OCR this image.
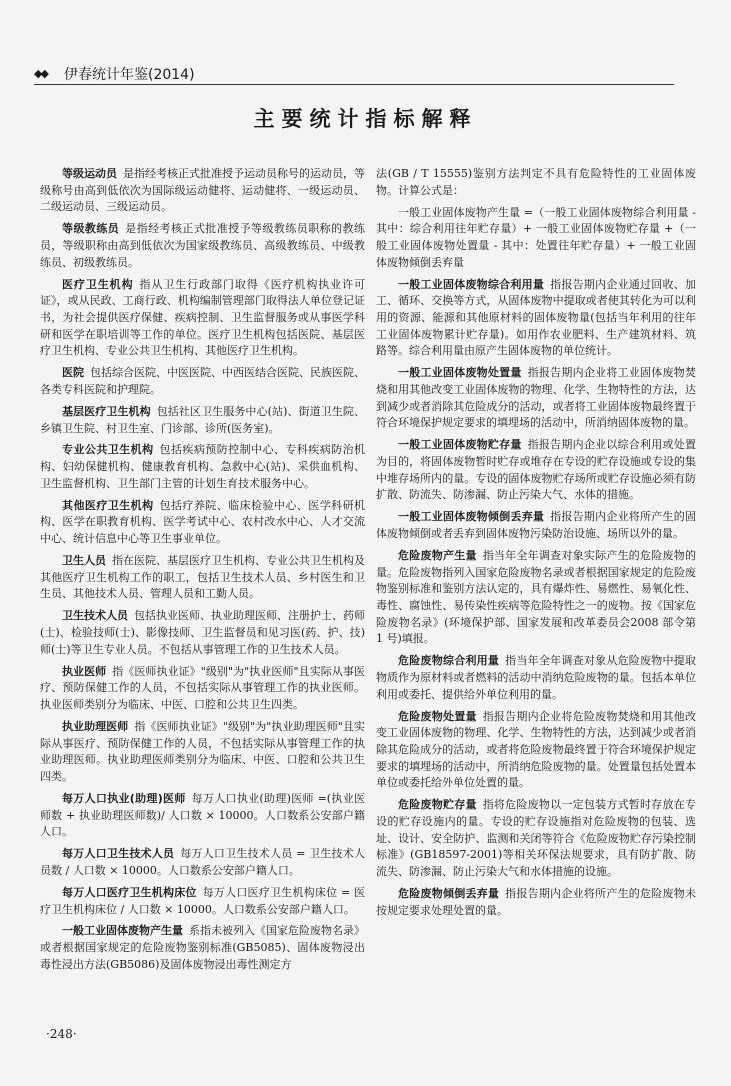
◆◆ 伊春统计年鉴(2014)
主要统计指标解释

等级运动员 是指经考核正式批准授予运动员称号的运动员，等级称号由高到低依次为国际级运动健将、运动健将、一级运动员、二级运动员、三级运动员。

等级教练员 是指经考核正式批准授予等级教练员职称的教练员，等级职称由高到低依次为国家级教练员、高级教练员、中级教练员、初级教练员。

医疗卫生机构 指从卫生行政部门取得《医疗机构执业许可证》，或从民政、工商行政、机构编制管理部门取得法人单位登记证书，为社会提供医疗保健、疾病控制、卫生监督服务或从事医学科研和医学在职培训等工作的单位。医疗卫生机构包括医院、基层医疗卫生机构、专业公共卫生机构、其他医疗卫生机构。

医院 包括综合医院、中医医院、中西医结合医院、民族医院、各类专科医院和护理院。

基层医疗卫生机构 包括社区卫生服务中心(站)、街道卫生院、乡镇卫生院、村卫生室、门诊部、诊所(医务室)。

专业公共卫生机构 包括疾病预防控制中心、专科疾病防治机构、妇幼保健机构、健康教育机构、急救中心(站)、采供血机构、卫生监督机构、卫生部门主管的计划生育技术服务中心。

其他医疗卫生机构 包括疗养院、临床检验中心、医学科研机构、医学在职教育机构、医学考试中心、农村改水中心、人才交流中心、统计信息中心等卫生事业单位。

卫生人员 指在医院、基层医疗卫生机构、专业公共卫生机构及其他医疗卫生机构工作的职工，包括卫生技术人员、乡村医生和卫生员、其他技术人员、管理人员和工勤人员。

卫生技术人员 包括执业医师、执业助理医师、注册护士、药师(士)、检验技师(士)、影像技师、卫生监督员和见习医(药、护、技)师(士)等卫生专业人员。不包括从事管理工作的卫生技术人员。

执业医师 指《医师执业证》"级别"为"执业医师"且实际从事医疗、预防保健工作的人员，不包括实际从事管理工作的执业医师。执业医师类别分为临床、中医、口腔和公共卫生四类。

执业助理医师 指《医师执业证》"级别"为"执业助理医师"且实际从事医疗、预防保健工作的人员，不包括实际从事管理工作的执业助理医师。执业助理医师类别分为临床、中医、口腔和公共卫生四类。

每万人口执业(助理)医师 每万人口执业(助理)医师 =(执业医师数 + 执业助理医师数)/ 人口数 × 10000。人口数系公安部户籍人口。

每万人口卫生技术人员 每万人口卫生技术人员 = 卫生技术人员数 / 人口数 × 10000。人口数系公安部户籍人口。

每万人口医疗卫生机构床位 每万人口医疗卫生机构床位 = 医疗卫生机构床位 / 人口数 × 10000。人口数系公安部户籍人口。

一般工业固体废物产生量 系指未被列入《国家危险废物名录》或者根据国家规定的危险废物鉴别标准(GB5085)、固体废物浸出毒性浸出方法(GB5086)及固体废物浸出毒性测定方

法(GB / T 15555)鉴别方法判定不具有危险特性的工业固体废物。计算公式是：

一般工业固体废物产生量 =（一般工业固体废物综合利用量 - 其中：综合利用往年贮存量）+ 一般工业固体废物贮存量 +（一般工业固体废物处置量 - 其中：处置往年贮存量）+ 一般工业固体废物倾倒丢弃量

一般工业固体废物综合利用量 指报告期内企业通过回收、加工、循环、交换等方式，从固体废物中提取或者使其转化为可以利用的资源、能源和其他原材料的固体废物量(包括当年利用的往年工业固体废物累计贮存量)。如用作农业肥料、生产建筑材料、筑路等。综合利用量由原产生固体废物的单位统计。

一般工业固体废物处置量 指报告期内企业将工业固体废物焚烧和用其他改变工业固体废物的物理、化学、生物特性的方法，达到减少或者消除其危险成分的活动，或者将工业固体废物最终置于符合环境保护规定要求的填埋场的活动中，所消纳固体废物的量。

一般工业固体废物贮存量 指报告期内企业以综合利用或处置为目的，将固体废物暂时贮存或堆存在专设的贮存设施或专设的集中堆存场所内的量。专设的固体废物贮存场所或贮存设施必须有防扩散、防流失、防渗漏、防止污染大气、水体的措施。

一般工业固体废物倾倒丢弃量 指报告期内企业将所产生的固体废物倾倒或者丢弃到固体废物污染防治设施、场所以外的量。

危险废物产生量 指当年全年调查对象实际产生的危险废物的量。危险废物指列入国家危险废物名录或者根据国家规定的危险废物鉴别标准和鉴别方法认定的，具有爆炸性、易燃性、易氧化性、毒性、腐蚀性、易传染性疾病等危险特性之一的废物。按《国家危险废物名录》(环境保护部、国家发展和改革委员会2008 部令第 1 号)填报。

危险废物综合利用量 指当年全年调查对象从危险废物中提取物质作为原材料或者燃料的活动中消纳危险废物的量。包括本单位利用或委托、提供给外单位利用的量。

危险废物处置量 指报告期内企业将危险废物焚烧和用其他改变工业固体废物的物理、化学、生物特性的方法，达到减少或者消除其危险成分的活动，或者将危险废物最终置于符合环境保护规定要求的填埋场的活动中，所消纳危险废物的量。处置量包括处置本单位或委托给外单位处置的量。

危险废物贮存量 指将危险废物以一定包装方式暂时存放在专设的贮存设施内的量。专设的贮存设施指对危险废物的包装、选址、设计、安全防护、监测和关闭等符合《危险废物贮存污染控制标准》(GB18597-2001)等相关环保法规要求，具有防扩散、防流失、防渗漏、防止污染大气和水体措施的设施。

危险废物倾倒丢弃量 指报告期内企业将所产生的危险废物未按规定要求处理处置的量。

·248·
